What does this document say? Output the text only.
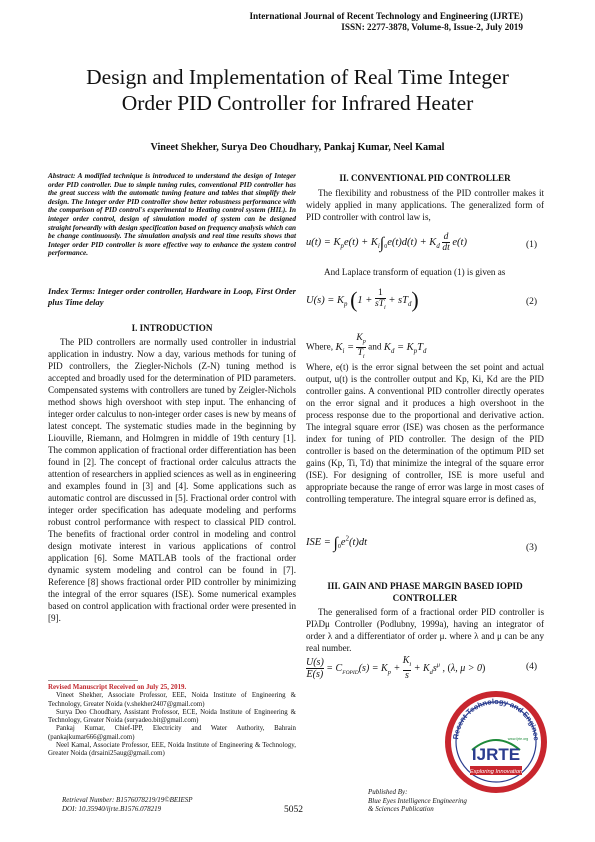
International Journal of Recent Technology and Engineering (IJRTE)
ISSN: 2277-3878, Volume-8, Issue-2, July 2019
Design and Implementation of Real Time Integer
Order PID Controller for Infrared Heater
Vineet Shekher, Surya Deo Choudhary, Pankaj Kumar, Neel Kamal
Abstract: A modified technique is introduced to understand the design of Integer order PID controller. Due to simple tuning rules, conventional PID controller has the great success with the automatic tuning feature and tables that simplify their design. The Integer order PID controller show better robustness performance with the comparison of PID control's experimental to Heating control system (HIL). In integer order control, design of simulation model of system can be designed straight forwardly with design specification based on frequency analysis which can be change continuously. The simulation analysis and real time results shows that Integer order PID controller is more effective way to enhance the system control performance.
Index Terms: Integer order controller, Hardware in Loop, First Order plus Time delay
I. INTRODUCTION

The PID controllers are normally used controller in industrial application in industry. Now a day, various methods for tuning of PID controllers, the Ziegler-Nichols (Z-N) tuning method is accepted and broadly used for the determination of PID parameters. Compensated systems with controllers are tuned by Zeigler-Nichols method shows high overshoot with step input. The enhancing of integer order calculus to non-integer order cases is new by means of latest concept. The systematic studies made in the beginning by Liouville, Riemann, and Holmgren in middle of 19th century [1]. The common application of fractional order differentiation has been found in [2]. The concept of fractional order calculus attracts the attention of researchers in applied sciences as well as in engineering and examples found in [3] and [4]. Some applications such as automatic control are discussed in [5]. Fractional order control with integer order specification has adequate modeling and performs robust control performance with respect to classical PID control. The benefits of fractional order control in modeling and control design motivate interest in various applications of control application [6]. Some MATLAB tools of the fractional order dynamic system modeling and control can be found in [7]. Reference [8] shows fractional order PID controller by minimizing the integral of the error squares (ISE). Some numerical examples based on control application with fractional order were presented in [9].

Revised Manuscript Received on July 25, 2019.
Vineet Shekher, Associate Professor, EEE, Noida Institute of Engineering & Technology, Greater Noida (v.shekher2407@gmail.com)
Surya Deo Choudhary, Assistant Professor, ECE, Noida Institute of Engineering & Technology, Greater Noida (suryadeo.bit@gmail.com)
Pankaj Kumar, Chief-IPP, Electricity and Water Authority, Bahrain (pankajkumar666@gmail.com)
Neel Kamal, Associate Professor, EEE, Noida Institute of Engineering & Technology, Greater Noida (drsaini25aug@gmail.com)
II. CONVENTIONAL PID CONTROLLER

The flexibility and robustness of the PID controller makes it widely applied in many applications. The generalized form of PID controller with control law is,

$u(t) = K_pe(t) + K_i\int_0e(t)d(t) + K_d \frac{d}{dt} e(t)$	(1)

And Laplace transform of equation (1) is given as

$U(s) = K_p$ (1 +
1
$sT_i$
+ $sT_d$)	(2)
Where, $K_i = \frac{K_p}{T_i}$ and $K_d = K_pT_d$

Where, e(t) is the error signal between the set point and actual output, u(t) is the controller output and Kp, Ki, Kd are the PID controller gains. A conventional PID controller directly operates on the error signal and it produces a high overshoot in the process response due to the proportional and derivative action. The integral square error (ISE) was chosen as the performance index for tuning of PID controller. The design of the PID controller is based on the determination of the optimum PID set gains (Kp, Ti, Td) that minimize the integral of the square error (ISE). For designing of controller, ISE is more useful and appropriate because the range of error was large in most cases of controlling temperature. The integral square error is defined as,

ISE = $\int_0e^2(t)dt$	(3)
III. GAIN AND PHASE MARGIN BASED IOPID
CONTROLLER

The generalised form of a fractional order PID controller is PIλDμ Controller (Podlubny, 1999a), having an integrator of order λ and a differentiator of order μ. where λ and μ can be any real number.

$\frac{U(s)}{E(s)} = C_{FOPID}(s) = K_p + \frac{K_i}{s} + K_ds^\mu$ , (λ, μ > 0)	(4)
Recent Technology and Enginee
IJRTE
Exploring Innovation
www.ijrte.org
Retrieval Number: B1576078219/19©BEIESP
DOI: 10.35940/ijrte.B1576.078219	5052
Published By:
Blue Eyes Intelligence Engineering
& Sciences Publication
